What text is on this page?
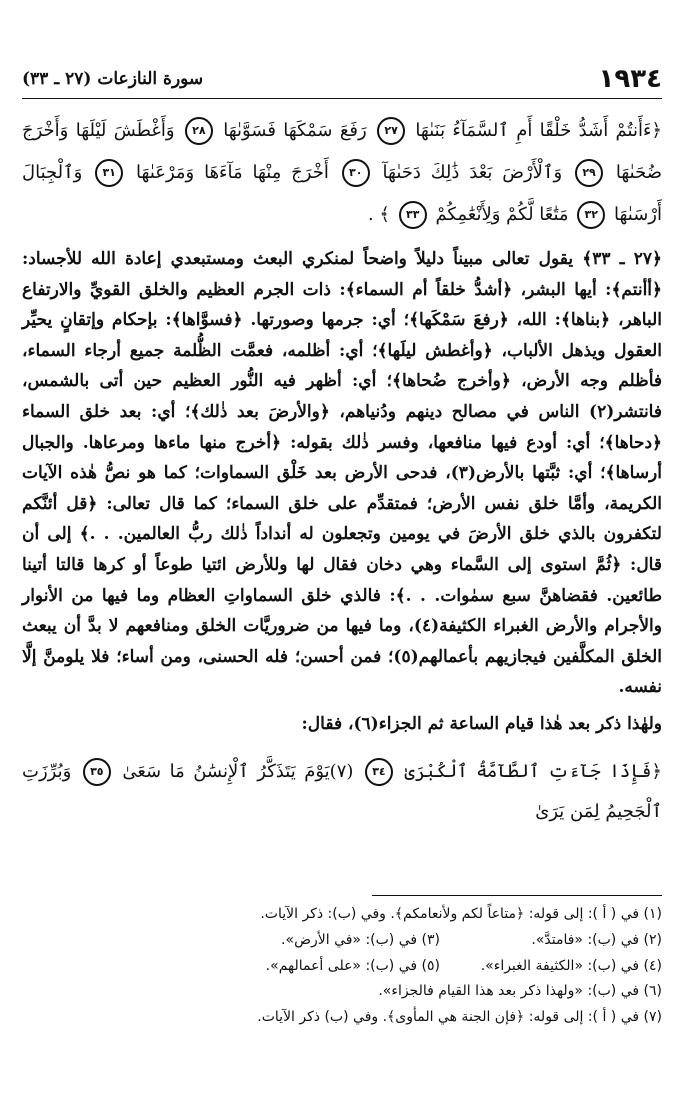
١٩٣٤
سورة النازعات (٢٧ ـ ٣٣)

﴿ءَأَنتُمْ أَشَدُّ خَلْقًا أَمِ ٱلسَّمَآءُ بَنَىٰهَا ٢٧ رَفَعَ سَمْكَهَا فَسَوَّىٰهَا ٢٨ وَأَغْطَشَ لَيْلَهَا وَأَخْرَجَ ضُحَىٰهَا ٢٩ وَٱلْأَرْضَ بَعْدَ ذَٰلِكَ دَحَىٰهَآ ٣٠ أَخْرَجَ مِنْهَا مَآءَهَا وَمَرْعَىٰهَا ٣١ وَٱلْجِبَالَ أَرْسَىٰهَا ٣٢ مَتَٰعًا لَّكُمْ وَلِأَنْعَٰمِكُمْ ٣٣ ﴾ .

﴿٢٧ ـ ٣٣﴾ يقول تعالى مبيناً دليلاً واضحاً لمنكري البعث ومستبعدي إعادة الله للأجساد: ﴿أأنتم﴾: أيها البشر، ﴿أشدُّ خلقاً أم السماء﴾: ذات الجرم العظيم والخلق القويِّ والارتفاع الباهر، ﴿بناها﴾: الله، ﴿رفعَ سَمْكَها﴾؛ أي: جرمها وصورتها. ﴿فسوَّاها﴾: بإحكام وإتقانٍ يحيِّر العقول ويذهل الألباب، ﴿وأغطش ليلَها﴾؛ أي: أظلمه، فعمَّت الظُّلمة جميع أرجاء السماء، فأظلم وجه الأرض، ﴿وأخرج ضُحاها﴾؛ أي: أظهر فيه النُّور العظيم حين أتى بالشمس، فانتشر(٢) الناس في مصالح دينهم ودُنياهم، ﴿والأرضَ بعد ذٰلك﴾؛ أي: بعد خلق السماء ﴿دحاها﴾؛ أي: أودع فيها منافعها، وفسر ذٰلك بقوله: ﴿أخرج منها ماءها ومرعاها. والجبال أرساها﴾؛ أي: ثبَّتها بالأرض(٣)، فدحى الأرض بعد خَلْق السماوات؛ كما هو نصُّ هٰذه الآيات الكريمة، وأمَّا خلق نفس الأرض؛ فمتقدِّم على خلق السماء؛ كما قال تعالى: ﴿قل أئنَّكم لتكفرون بالذي خلق الأرضَ في يومين وتجعلون له أنداداً ذٰلك ربُّ العالمين. . .﴾ إلى أن قال: ﴿ثُمَّ استوى إلى السَّماء وهي دخان فقال لها وللأرض ائتيا طوعاً أو كرها قالتا أتينا طائعين. فقضاهنَّ سبع سمٰوات. . .﴾: فالذي خلق السماواتِ العظام وما فيها من الأنوار والأجرام والأرض الغبراء الكثيفة(٤)، وما فيها من ضروريَّات الخلق ومنافعهم لا بدَّ أن يبعث الخلق المكلَّفين فيجازيهم بأعمالهم(٥)؛ فمن أحسن؛ فله الحسنى، ومن أساء؛ فلا يلومنَّ إلَّا نفسه.

ولهٰذا ذكر بعد هٰذا قيام الساعة ثم الجزاء(٦)، فقال:

﴿فَإِذَا جَآءَتِ ٱلطَّآمَّةُ ٱلْكُبْرَىٰ ٣٤ (٧)يَوْمَ يَتَذَكَّرُ ٱلْإِنسَٰنُ مَا سَعَىٰ ٣٥ وَبُرِّزَتِ ٱلْجَحِيمُ لِمَن يَرَىٰ

(١) في ( أ ): إلى قوله: ﴿متاعاً لكم ولأنعامكم﴾. وفي (ب): ذكر الآيات.
(٢) في (ب): «فامتدَّ».
(٣) في (ب): «في الأرض».
(٤) في (ب): «الكثيفة الغبراء».
(٥) في (ب): «على أعمالهم».
(٦) في (ب): «ولهذا ذكر بعد هذا القيام فالجزاء».
(٧) في ( أ ): إلى قوله: ﴿فإن الجنة هي المأوى﴾. وفي (ب) ذكر الآيات.
